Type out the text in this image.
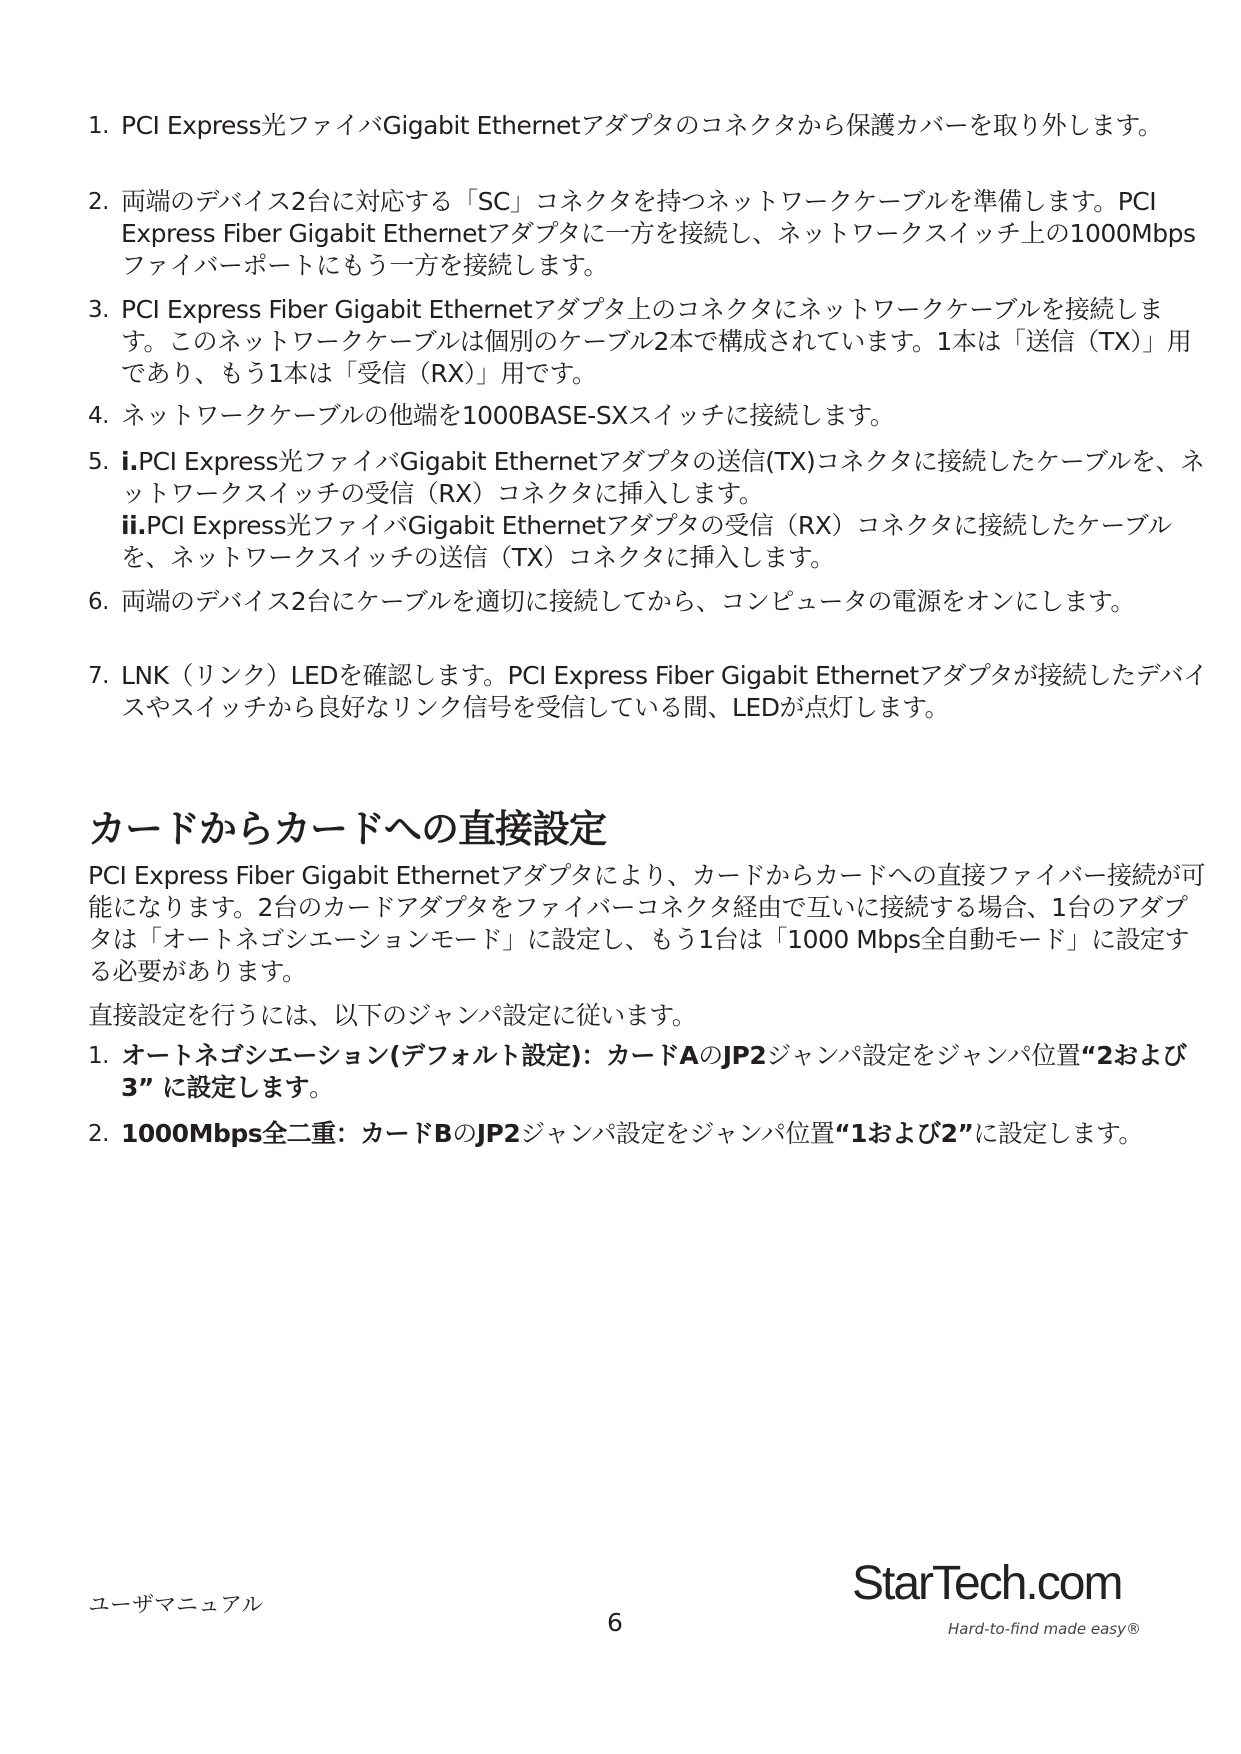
1. PCI Express光ファイバGigabit Ethernetアダプタのコネクタから保護カバーを取り外します。
2. 両端のデバイス2台に対応する「SC」コネクタを持つネットワークケーブルを準備します。PCI Express Fiber Gigabit Ethernetアダプタに一方を接続し、ネットワークスイッチ上の1000Mbpsファイバーポートにもう一方を接続します。
3. PCI Express Fiber Gigabit Ethernetアダプタ上のコネクタにネットワークケーブルを接続します。このネットワークケーブルは個別のケーブル2本で構成されています。1本は「送信（TX）」用であり、もう1本は「受信（RX）」用です。
4. ネットワークケーブルの他端を1000BASE-SXスイッチに接続します。
5. i.PCI Express光ファイバGigabit Ethernetアダプタの送信(TX)コネクタに接続したケーブルを、ネットワークスイッチの受信（RX）コネクタに挿入します。
ii.PCI Express光ファイバGigabit Ethernetアダプタの受信（RX）コネクタに接続したケーブルを、ネットワークスイッチの送信（TX）コネクタに挿入します。
6. 両端のデバイス2台にケーブルを適切に接続してから、コンピュータの電源をオンにします。
7. LNK（リンク）LEDを確認します。PCI Express Fiber Gigabit Ethernetアダプタが接続したデバイスやスイッチから良好なリンク信号を受信している間、LEDが点灯します。
カードからカードへの直接設定

PCI Express Fiber Gigabit Ethernetアダプタにより、カードからカードへの直接ファイバー接続が可能になります。2台のカードアダプタをファイバーコネクタ経由で互いに接続する場合、1台のアダプタは「オートネゴシエーションモード」に設定し、もう1台は「1000 Mbps全自動モード」に設定する必要があります。

直接設定を行うには、以下のジャンパ設定に従います。

1. オートネゴシエーション(デフォルト設定)：カードAのJP2ジャンパ設定をジャンパ位置“2および3” に設定します。
2. 1000Mbps全二重：カードBのJP2ジャンパ設定をジャンパ位置“1および2”に設定します。
ユーザマニュアル
6
StarTech.com
Hard-to-find made easy®
